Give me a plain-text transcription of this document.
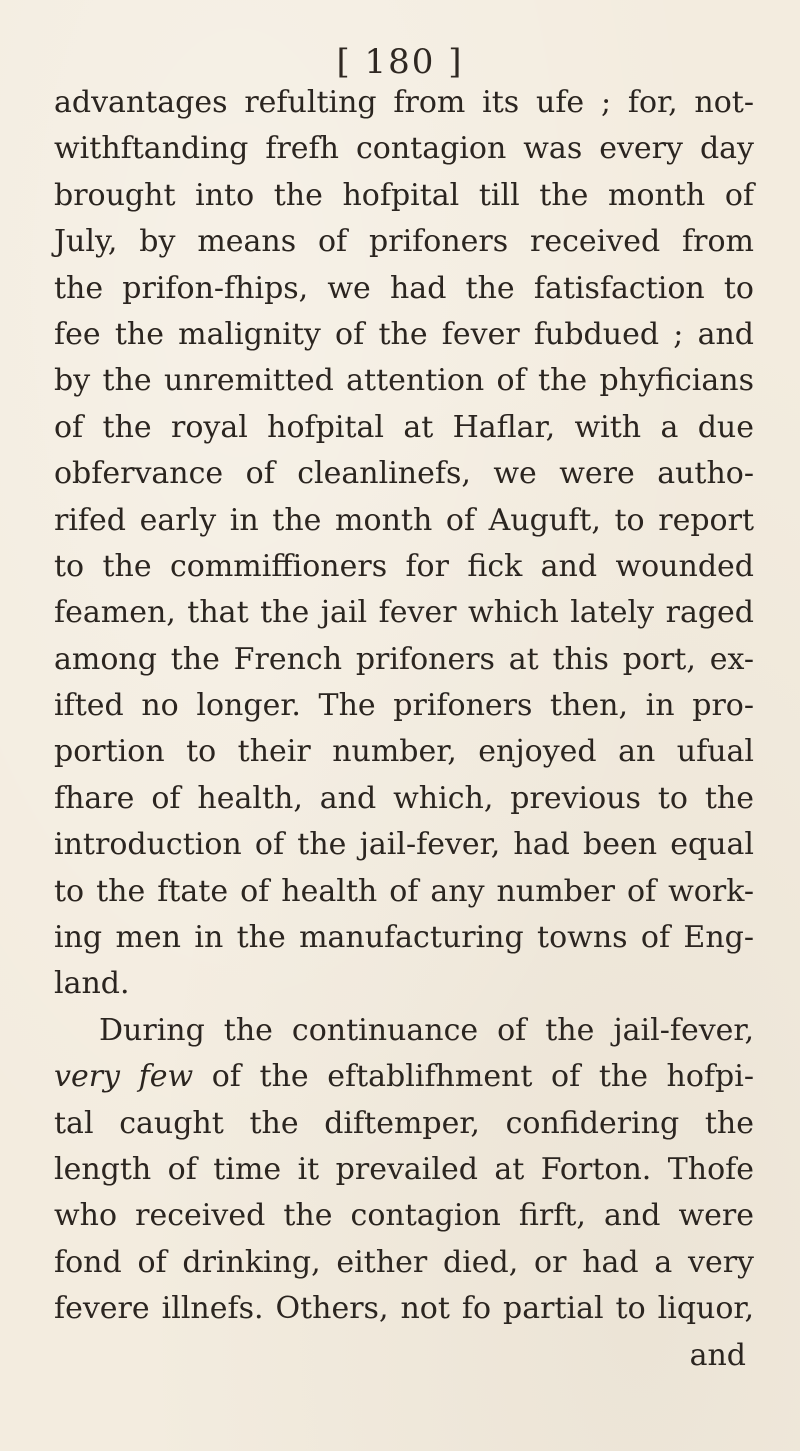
[ 180 ]
advantages refulting from its ufe ; for, not-
withftanding frefh contagion was every day
brought into the hofpital till the month of
July, by means of prifoners received from
the prifon-fhips, we had the fatisfaction to
fee the malignity of the fever fubdued ; and
by the unremitted attention of the phyficians
of the royal hofpital at Haflar, with a due
obfervance of cleanlinefs, we were autho-
rifed early in the month of Auguft, to report
to the commiffioners for fick and wounded
feamen, that the jail fever which lately raged
among the French prifoners at this port, ex-
ifted no longer. The prifoners then, in pro-
portion to their number, enjoyed an ufual
fhare of health, and which, previous to the
introduction of the jail-fever, had been equal
to the ftate of health of any number of work-
ing men in the manufacturing towns of Eng-
land.
During the continuance of the jail-fever,
very few of the eftablifhment of the hofpi-
tal caught the diftemper, confidering the
length of time it prevailed at Forton. Thofe
who received the contagion firft, and were
fond of drinking, either died, or had a very
fevere illnefs. Others, not fo partial to liquor,
and
